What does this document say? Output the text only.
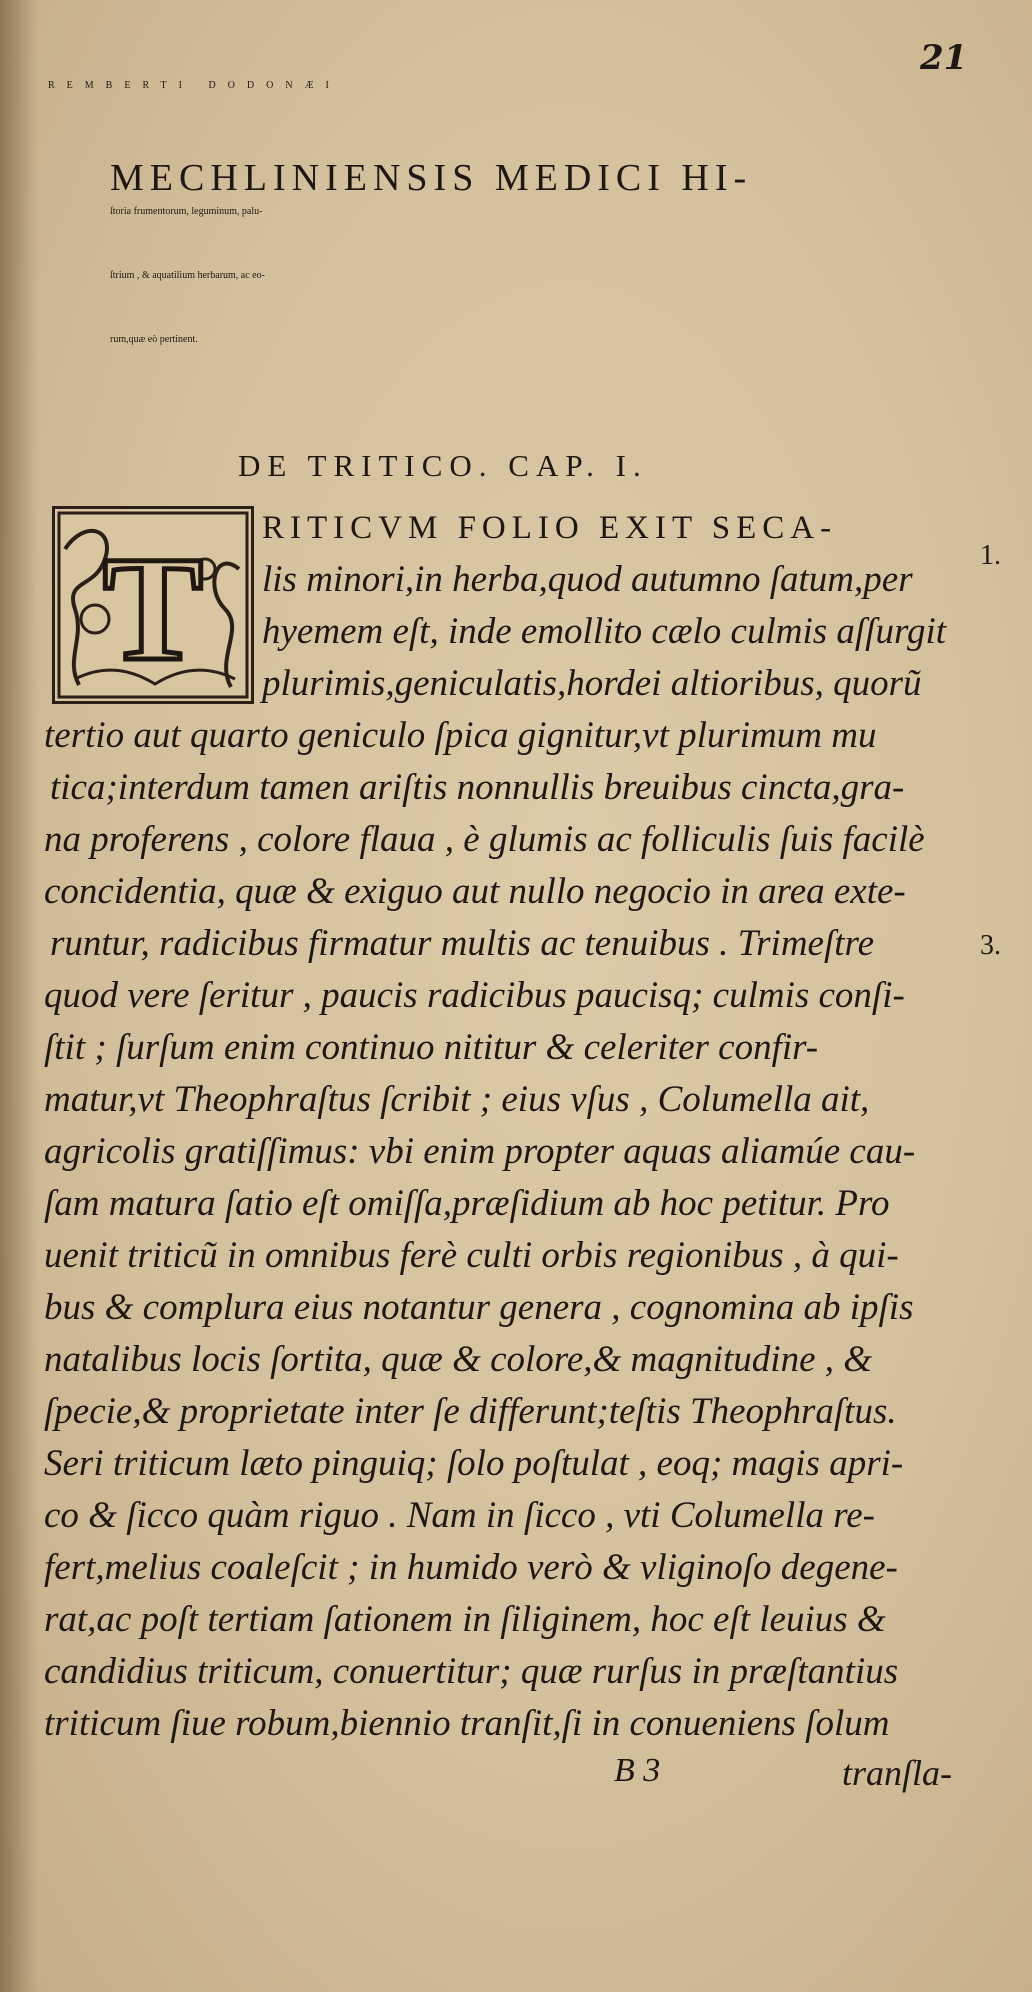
21
REMBERTI DODONÆI
MECHLINIENSIS MEDICI HI-
ſtoria frumentorum, leguminum, palu-
ſtrium , & aquatilium herbarum, ac eo-
rum,quæ eò pertinent.
DE TRITICO. CAP. I.
T RITICVM FOLIO EXIT SECA-
lis minori,in herba,quod autumno ſatum,per
hyemem eſt, inde emollito cælo culmis aſſurgit
plurimis,geniculatis,hordei altioribus, quorũ
tertio aut quarto geniculo ſpica gignitur,vt plurimum mu
tica;interdum tamen ariſtis nonnullis breuibus cincta,gra-
na proferens , colore flaua , è glumis ac folliculis ſuis facilè
concidentia, quæ & exiguo aut nullo negocio in area exte-
runtur, radicibus firmatur multis ac tenuibus . Trimeſtre
quod vere ſeritur , paucis radicibus paucisq; culmis conſi-
ſtit ; ſurſum enim continuo nititur & celeriter confir-
matur,vt Theophraſtus ſcribit ; eius vſus , Columella ait,
agricolis gratiſſimus: vbi enim propter aquas aliamúe cau-
ſam matura ſatio eſt omiſſa,præſidium ab hoc petitur. Pro
uenit triticũ in omnibus ferè culti orbis regionibus , à qui-
bus & complura eius notantur genera , cognomina ab ipſis
natalibus locis ſortita, quæ & colore,& magnitudine , &
ſpecie,& proprietate inter ſe differunt;teſtis Theophraſtus.
Seri triticum læto pinguiq; ſolo poſtulat , eoq; magis apri-
co & ſicco quàm riguo . Nam in ſicco , vti Columella re-
fert,melius coaleſcit ; in humido verò & vliginoſo degene-
rat,ac poſt tertiam ſationem in ſiliginem, hoc eſt leuius &
candidius triticum, conuertitur; quæ rurſus in præſtantius
triticum ſiue robum,biennio tranſit,ſi in conueniens ſolum
1.
3.
B 3	tranſla-
